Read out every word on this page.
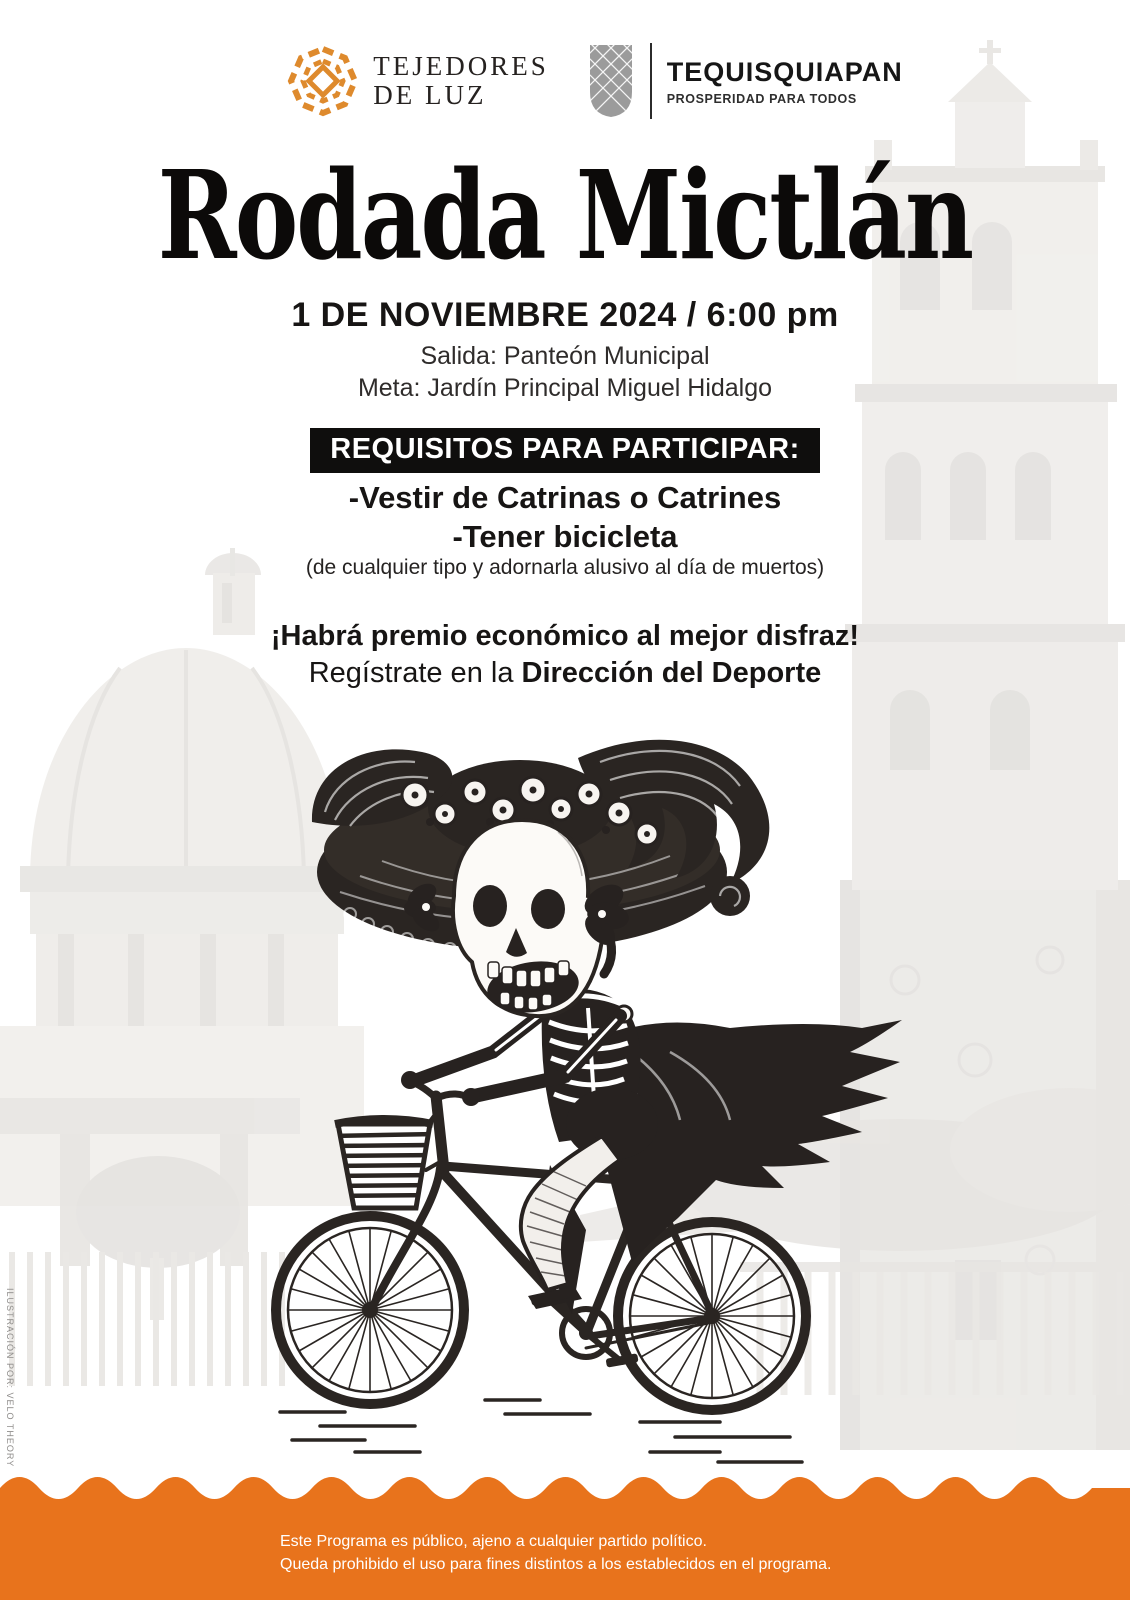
TEJEDORES
DE LUZ
TEQUISQUIAPAN
PROSPERIDAD PARA TODOS
Rodada Mictlán
1 DE NOVIEMBRE 2024 / 6:00 pm
Salida: Panteón Municipal
Meta: Jardín Principal Miguel Hidalgo
REQUISITOS PARA PARTICIPAR:
-Vestir de Catrinas o Catrines
-Tener bicicleta
(de cualquier tipo y adornarla alusivo al día de muertos)
¡Habrá premio económico al mejor disfraz!
Regístrate en la Dirección del Deporte
ILUSTRACIÓN POR: VELO THEORY
Este Programa es público, ajeno a cualquier partido político.
Queda prohibido el uso para fines distintos a los establecidos en el programa.
